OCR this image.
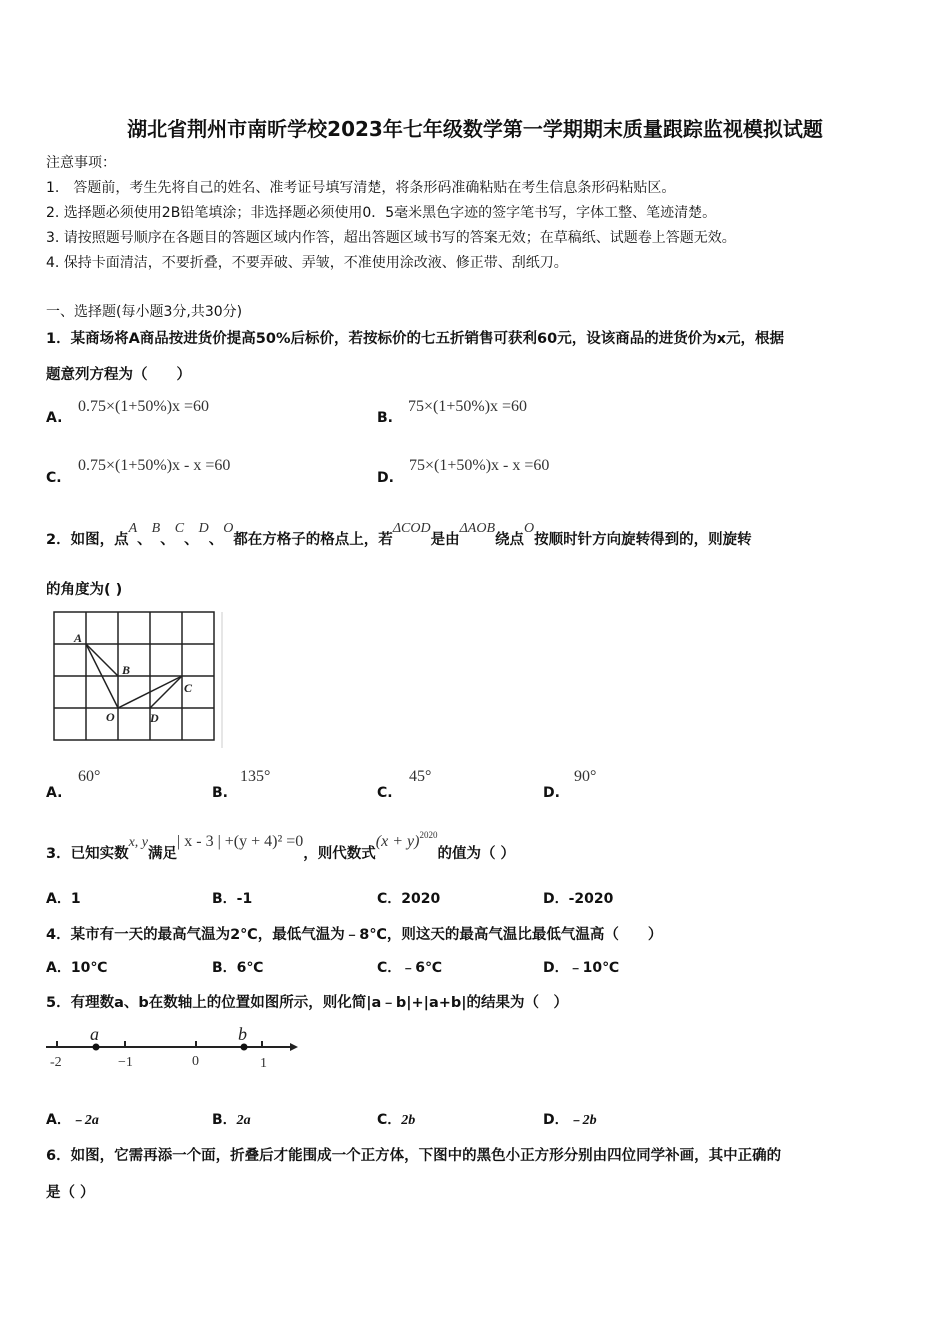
湖北省荆州市南昕学校2023年七年级数学第一学期期末质量跟踪监视模拟试题
注意事项：
1.　答题前，考生先将自己的姓名、准考证号填写清楚，将条形码准确粘贴在考生信息条形码粘贴区。
2. 选择题必须使用2B铅笔填涂；非选择题必须使用0．5毫米黑色字迹的签字笔书写，字体工整、笔迹清楚。
3. 请按照题号顺序在各题目的答题区域内作答，超出答题区域书写的答案无效；在草稿纸、试题卷上答题无效。
4. 保持卡面清洁，不要折叠，不要弄破、弄皱，不准使用涂改液、修正带、刮纸刀。
一、选择题(每小题3分,共30分)
1．某商场将A商品按进货价提高50%后标价，若按标价的七五折销售可获利60元，设该商品的进货价为x元，根据
题意列方程为（　　）
A.
0.75×(1+50%)x =60
B.
75×(1+50%)x =60
C.
0.75×(1+50%)x - x =60
D.
75×(1+50%)x - x =60
2．如图，点A、B、C、D、O都在方格子的格点上，若ΔCOD是由ΔAOB绕点O按顺时针方向旋转得到的，则旋转
的角度为( )
A
B
C
O	D
A.
60°
B.
135°
C.
45°
D.
90°
3．已知实数x, y满足| x - 3 | +(y + 4)² =0，则代数式$(x + y)^{2020}$的值为（ ）
A．1	B．-1	C．2020	D．-2020
4．某市有一天的最高气温为2℃，最低气温为﹣8℃，则这天的最高气温比最低气温高（　　）
A．10℃	B．6℃	C．﹣6℃	D．﹣10℃
5．有理数a、b在数轴上的位置如图所示，则化简|a﹣b|+|a+b|的结果为（　）
a	b
-2	−1	0	1
A．﹣2a	B．2a	C．2b	D．﹣2b
6．如图，它需再添一个面，折叠后才能围成一个正方体，下图中的黑色小正方形分别由四位同学补画，其中正确的
是（ ）
